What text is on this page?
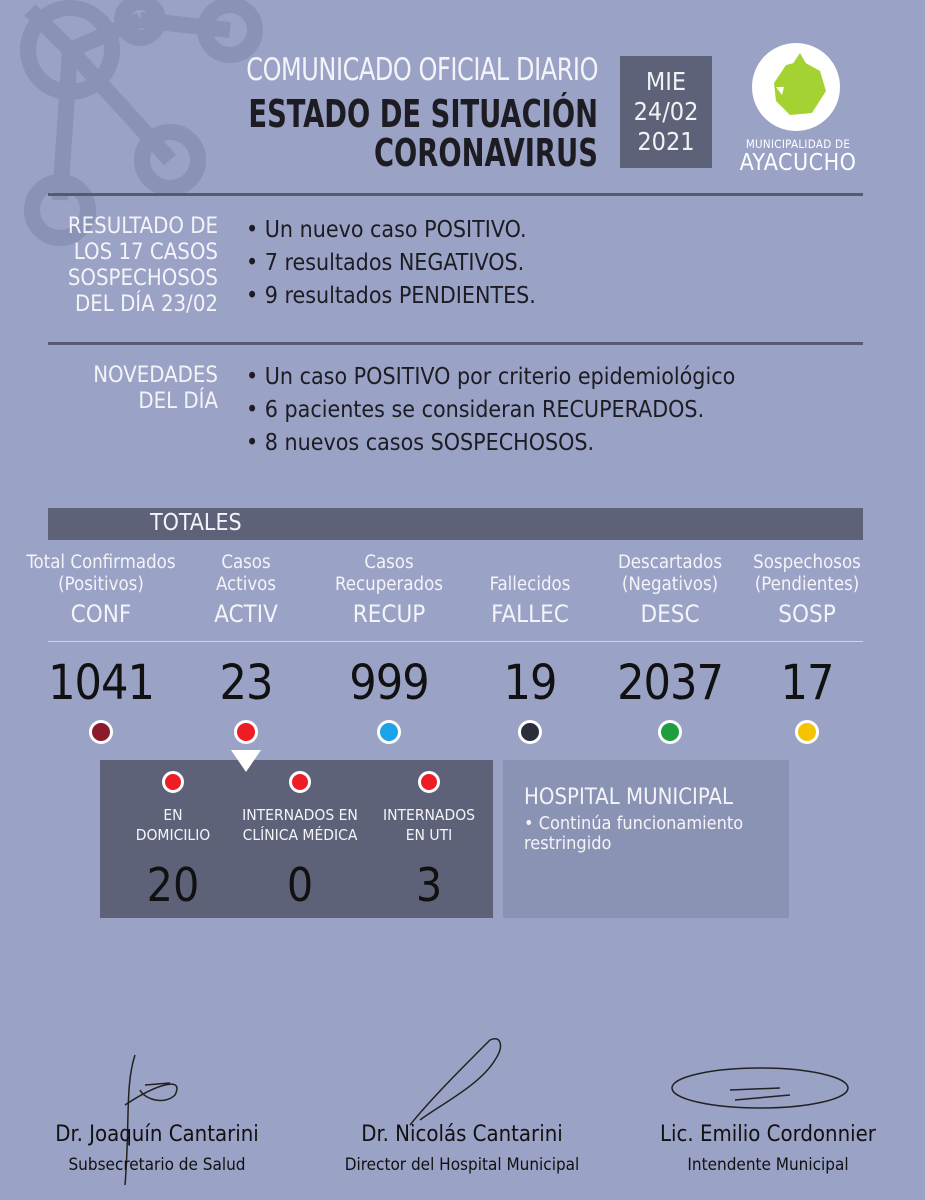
COMUNICADO OFICIAL DIARIO
ESTADO DE SITUACIÓN
CORONAVIRUS
MIE
24/02
2021	MUNICIPALIDAD DE
AYACUCHO
RESULTADO DE
LOS 17 CASOS
SOSPECHOSOS
DEL DÍA 23/02
• Un nuevo caso POSITIVO.
• 7 resultados NEGATIVOS.
• 9 resultados PENDIENTES.
NOVEDADES
DEL DÍA
• Un caso POSITIVO por criterio epidemiológico
• 6 pacientes se consideran RECUPERADOS.
• 8 nuevos casos SOSPECHOSOS.
TOTALES
Total Confirmados
(Positivos)
CONF
1041
Casos
Activos
ACTIV
23
Casos
Recuperados
RECUP
999

Fallecidos
FALLEC
19
Descartados
(Negativos)
DESC
2037
Sospechosos
(Pendientes)
SOSP
17
EN
DOMICILIO
20
INTERNADOS EN
CLÍNICA MÉDICA
0
INTERNADOS
EN UTI
3
HOSPITAL MUNICIPAL
• Continúa funcionamiento restringido
Dr. Joaquín Cantarini
Subsecretario de Salud
Dr. Nicolás Cantarini
Director del Hospital Municipal
Lic. Emilio Cordonnier
Intendente Municipal
